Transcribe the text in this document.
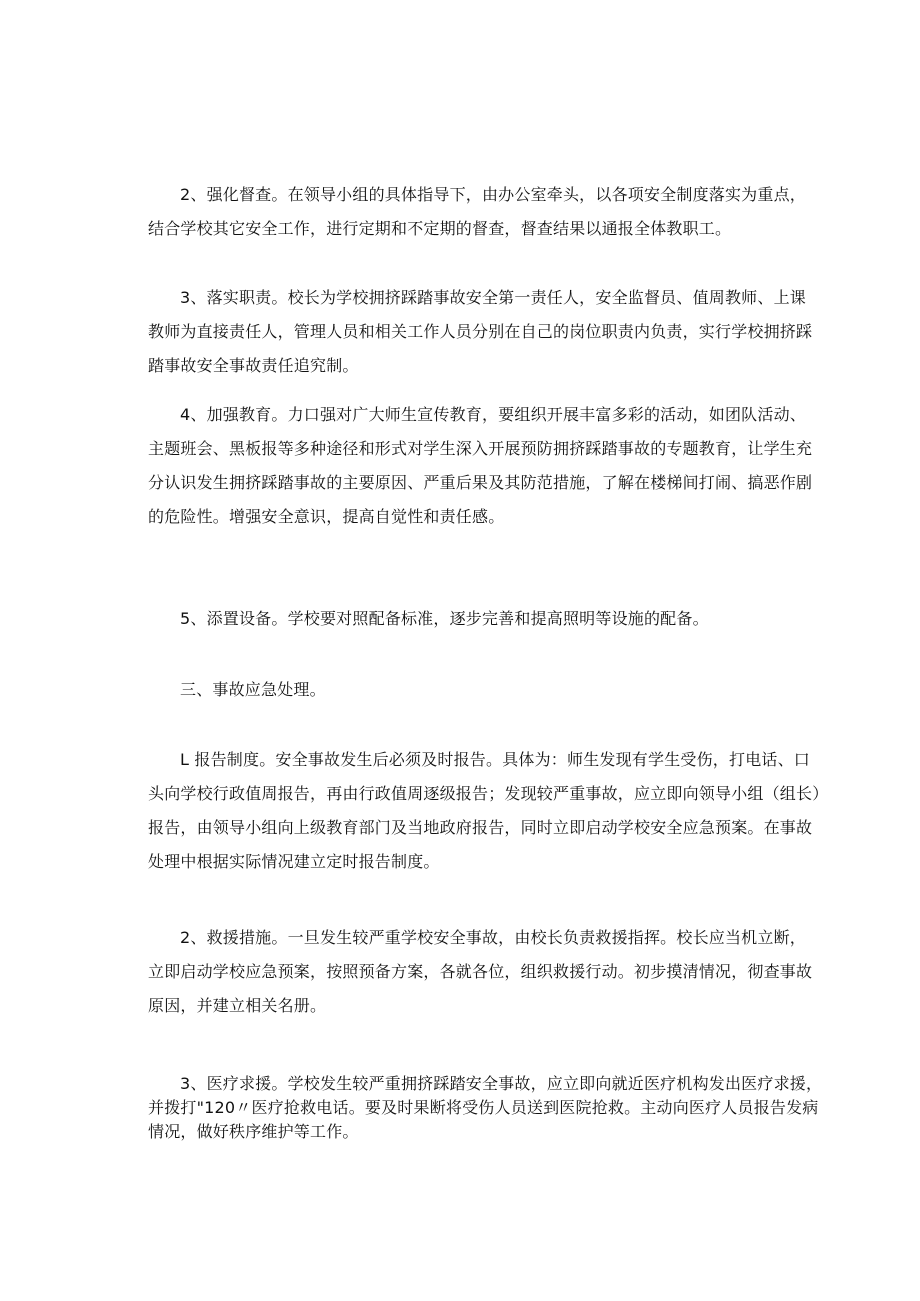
2、强化督查。在领导小组的具体指导下，由办公室牵头，以各项安全制度落实为重点，
结合学校其它安全工作，进行定期和不定期的督查，督查结果以通报全体教职工。

3、落实职责。校长为学校拥挤踩踏事故安全第一责任人，安全监督员、值周教师、上课
教师为直接责任人，管理人员和相关工作人员分别在自己的岗位职责内负责，实行学校拥挤踩
踏事故安全事故责任追究制。

4、加强教育。力口强对广大师生宣传教育，要组织开展丰富多彩的活动，如团队活动、
主题班会、黑板报等多种途径和形式对学生深入开展预防拥挤踩踏事故的专题教育，让学生充
分认识发生拥挤踩踏事故的主要原因、严重后果及其防范措施，了解在楼梯间打闹、搞恶作剧
的危险性。增强安全意识，提高自觉性和责任感。

5、添置设备。学校要对照配备标准，逐步完善和提高照明等设施的配备。

三、事故应急处理。

L 报告制度。安全事故发生后必须及时报告。具体为：师生发现有学生受伤，打电话、口
头向学校行政值周报告，再由行政值周逐级报告；发现较严重事故，应立即向领导小组（组长）
报告，由领导小组向上级教育部门及当地政府报告，同时立即启动学校安全应急预案。在事故
处理中根据实际情况建立定时报告制度。

2、救援措施。一旦发生较严重学校安全事故，由校长负责救援指挥。校长应当机立断，
立即启动学校应急预案，按照预备方案，各就各位，组织救援行动。初步摸清情况，彻查事故
原因，并建立相关名册。

3、医疗求援。学校发生较严重拥挤踩踏安全事故，应立即向就近医疗机构发出医疗求援，
并拨打"120〃医疗抢救电话。要及时果断将受伤人员送到医院抢救。主动向医疗人员报告发病
情况，做好秩序维护等工作。
